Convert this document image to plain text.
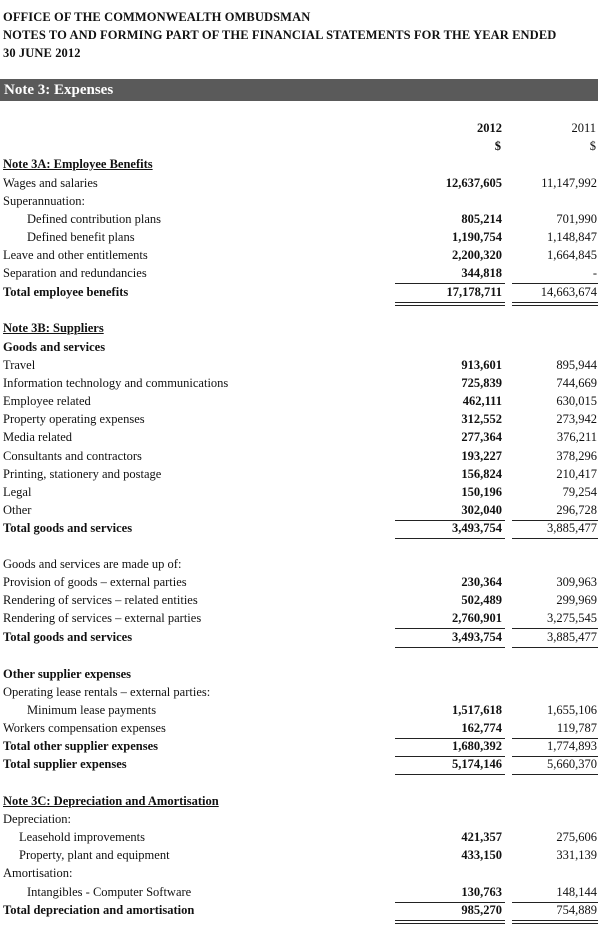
OFFICE OF THE COMMONWEALTH OMBUDSMAN
NOTES TO AND FORMING PART OF THE FINANCIAL STATEMENTS FOR THE YEAR ENDED
30 JUNE 2012
Note 3: Expenses
2012	2011
$	$
Note 3A: Employee Benefits
Wages and salaries	12,637,605	11,147,992
Superannuation:
Defined contribution plans	805,214	701,990
Defined benefit plans	1,190,754	1,148,847
Leave and other entitlements	2,200,320	1,664,845
Separation and redundancies	344,818	-
Total employee benefits	17,178,711	14,663,674
Note 3B: Suppliers
Goods and services
Travel	913,601	895,944
Information technology and communications	725,839	744,669
Employee related	462,111	630,015
Property operating expenses	312,552	273,942
Media related	277,364	376,211
Consultants and contractors	193,227	378,296
Printing, stationery and postage	156,824	210,417
Legal	150,196	79,254
Other	302,040	296,728
Total goods and services	3,493,754	3,885,477
Goods and services are made up of:
Provision of goods – external parties	230,364	309,963
Rendering of services – related entities	502,489	299,969
Rendering of services – external parties	2,760,901	3,275,545
Total goods and services	3,493,754	3,885,477
Other supplier expenses
Operating lease rentals – external parties:
Minimum lease payments	1,517,618	1,655,106
Workers compensation expenses	162,774	119,787
Total other supplier expenses	1,680,392	1,774,893
Total supplier expenses	5,174,146	5,660,370
Note 3C: Depreciation and Amortisation
Depreciation:
Leasehold improvements	421,357	275,606
Property, plant and equipment	433,150	331,139
Amortisation:
Intangibles - Computer Software	130,763	148,144
Total depreciation and amortisation	985,270	754,889
